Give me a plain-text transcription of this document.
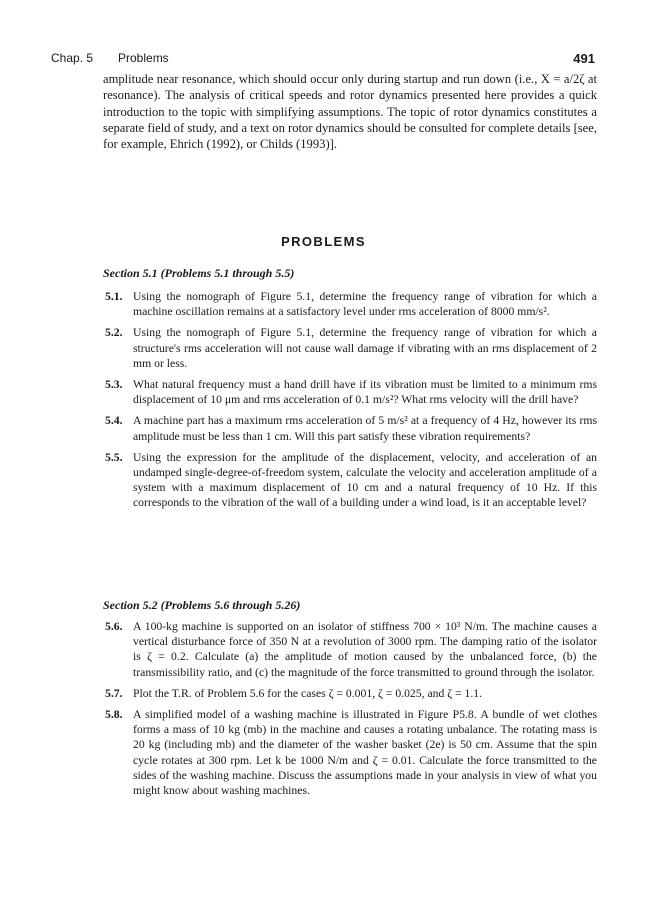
Chap. 5 Problems	491

amplitude near resonance, which should occur only during startup and run down (i.e., X = a/2ζ at resonance). The analysis of critical speeds and rotor dynamics presented here provides a quick introduction to the topic with simplifying assumptions. The topic of rotor dynamics constitutes a separate field of study, and a text on rotor dynamics should be consulted for complete details [see, for example, Ehrich (1992), or Childs (1993)].

PROBLEMS
Section 5.1 (Problems 5.1 through 5.5)
5.1. Using the nomograph of Figure 5.1, determine the frequency range of vibration for which a machine oscillation remains at a satisfactory level under rms acceleration of 8000 mm/s².
5.2. Using the nomograph of Figure 5.1, determine the frequency range of vibration for which a structure's rms acceleration will not cause wall damage if vibrating with an rms displacement of 2 mm or less.
5.3. What natural frequency must a hand drill have if its vibration must be limited to a minimum rms displacement of 10 μm and rms acceleration of 0.1 m/s²? What rms velocity will the drill have?
5.4. A machine part has a maximum rms acceleration of 5 m/s² at a frequency of 4 Hz, however its rms amplitude must be less than 1 cm. Will this part satisfy these vibration requirements?
5.5. Using the expression for the amplitude of the displacement, velocity, and acceleration of an undamped single-degree-of-freedom system, calculate the velocity and acceleration amplitude of a system with a maximum displacement of 10 cm and a natural frequency of 10 Hz. If this corresponds to the vibration of the wall of a building under a wind load, is it an acceptable level?
Section 5.2 (Problems 5.6 through 5.26)
5.6. A 100-kg machine is supported on an isolator of stiffness 700 × 10³ N/m. The machine causes a vertical disturbance force of 350 N at a revolution of 3000 rpm. The damping ratio of the isolator is ζ = 0.2. Calculate (a) the amplitude of motion caused by the unbalanced force, (b) the transmissibility ratio, and (c) the magnitude of the force transmitted to ground through the isolator.
5.7. Plot the T.R. of Problem 5.6 for the cases ζ = 0.001, ζ = 0.025, and ζ = 1.1.
5.8. A simplified model of a washing machine is illustrated in Figure P5.8. A bundle of wet clothes forms a mass of 10 kg (mb) in the machine and causes a rotating unbalance. The rotating mass is 20 kg (including mb) and the diameter of the washer basket (2e) is 50 cm. Assume that the spin cycle rotates at 300 rpm. Let k be 1000 N/m and ζ = 0.01. Calculate the force transmitted to the sides of the washing machine. Discuss the assumptions made in your analysis in view of what you might know about washing machines.
